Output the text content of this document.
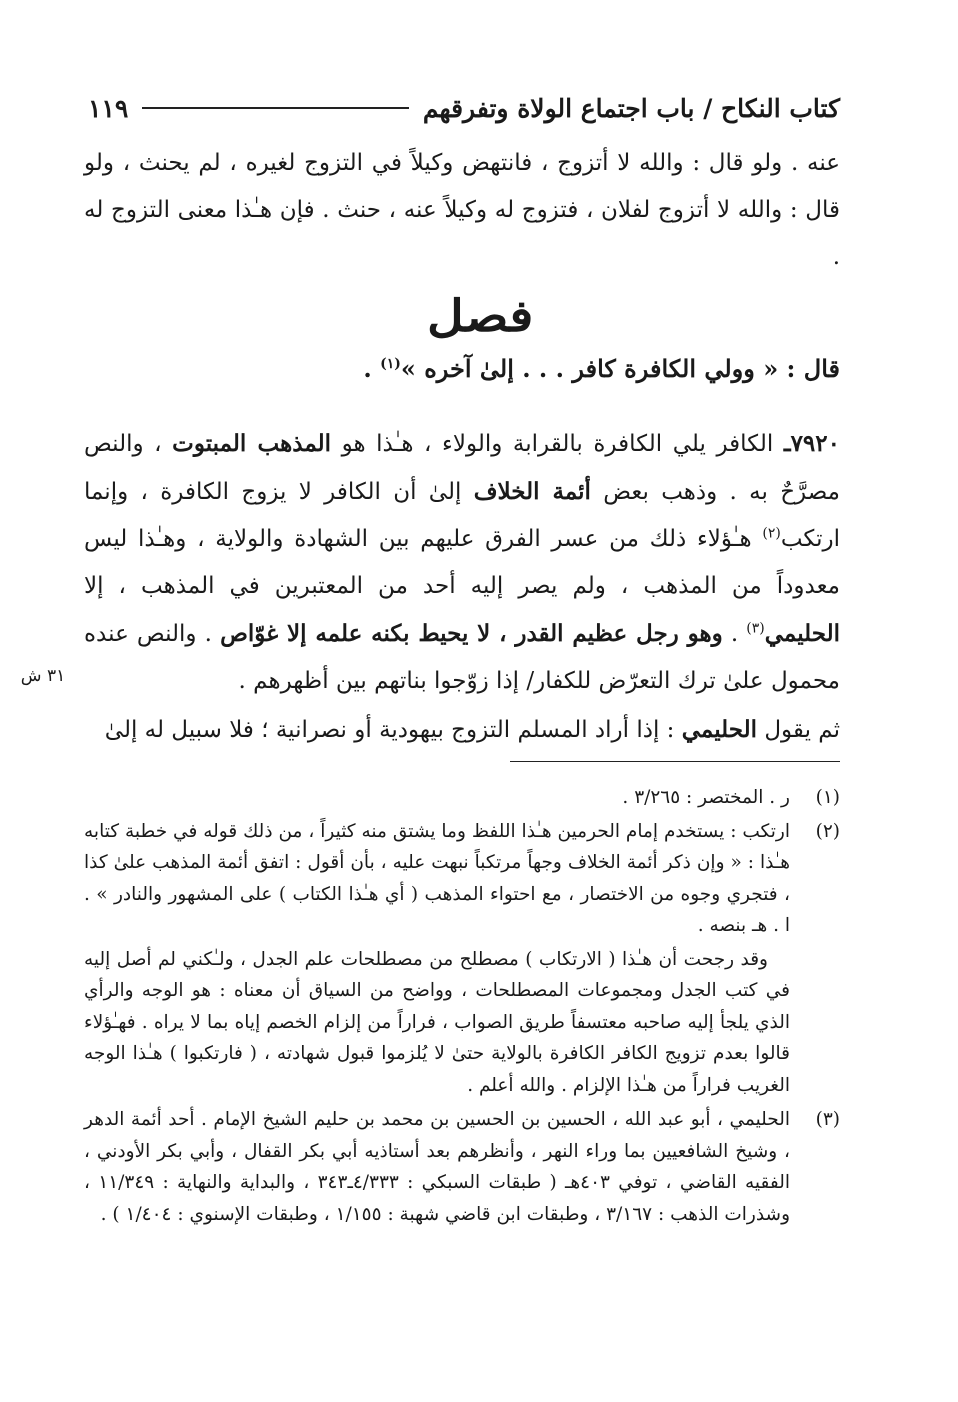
كتاب النكاح / باب اجتماع الولاة وتفرقهم
١١٩

عنه . ولو قال : والله لا أتزوج ، فانتهض وكيلاً في التزوج لغيره ، لم يحنث ، ولو

قال : والله لا أتزوج لفلان ، فتزوج له وكيلاً عنه ، حنث . فإن هـٰذا معنى التزوج له .

فصل
قال : « وولي الكافرة كافر . . . إلىٰ آخره »$^{(١)}$ .

٧٩٢٠ـ الكافر يلي الكافرة بالقرابة والولاء ، هـٰذا هو المذهب المبتوت ، والنص مصرَّحٌ به . وذهب بعض أئمة الخلاف إلىٰ أن الكافر لا يزوج الكافرة ، وإنما ارتكب$^{(٢)}$ هـٰؤلاء ذلك من عسر الفرق عليهم بين الشهادة والولاية ، وهـٰذا ليس معدوداً من المذهب ، ولم يصر إليه أحد من المعتبرين في المذهب ، إلا الحليمي$^{(٣)}$ . وهو رجل عظيم القدر ، لا يحيط بكنه علمه إلا غوّاص . والنص عنده محمول علىٰ ترك التعرّض للكفار/ إذا زوّجوا بناتهم بين أظهرهم .

٣١ ش

ثم يقول الحليمي : إذا أراد المسلم التزوج بيهودية أو نصرانية ؛ فلا سبيل له إلىٰ

(١)

ر . المختصر : ٣/٢٦٥ .

(٢)

ارتكب : يستخدم إمام الحرمين هـٰذا اللفظ وما يشتق منه كثيراً ، من ذلك قوله في خطبة كتابه هـٰذا : « وإن ذكر أئمة الخلاف وجهاً مرتكباً نبهت عليه ، بأن أقول : اتفق أئمة المذهب علىٰ كذا ، فتجري وجوه من الاختصار ، مع احتواء المذهب ( أي هـٰذا الكتاب ) على المشهور والنادر » . ا . هـ بنصه .

وقد رجحت أن هـٰذا ( الارتكاب ) مصطلح من مصطلحات علم الجدل ، ولـٰكني لم أصل إليه في كتب الجدل ومجموعات المصطلحات ، وواضح من السياق أن معناه : هو الوجه والرأي الذي يلجأ إليه صاحبه معتسفاً طريق الصواب ، فراراً من إلزام الخصم إياه بما لا يراه . فهـٰؤلاء قالوا بعدم تزويج الكافر الكافرة بالولاية حتىٰ لا يُلزموا قبول شهادته ، ( فارتكبوا ) هـٰذا الوجه الغريب فراراً من هـٰذا الإلزام . والله أعلم .

(٣)

الحليمي ، أبو عبد الله ، الحسين بن الحسين بن محمد بن حليم الشيخ الإمام . أحد أئمة الدهر ، وشيخ الشافعيين بما وراء النهر ، وأنظرهم بعد أستاذيه أبي بكر القفال ، وأبي بكر الأودني ، الفقيه القاضي ، توفي ٤٠٣هـ ( طبقات السبكي : ٤/٣٣٣ـ٣٤٣ ، والبداية والنهاية : ١١/٣٤٩ ، وشذرات الذهب : ٣/١٦٧ ، وطبقات ابن قاضي شهبة : ١/١٥٥ ، وطبقات الإسنوي : ١/٤٠٤ ) .
